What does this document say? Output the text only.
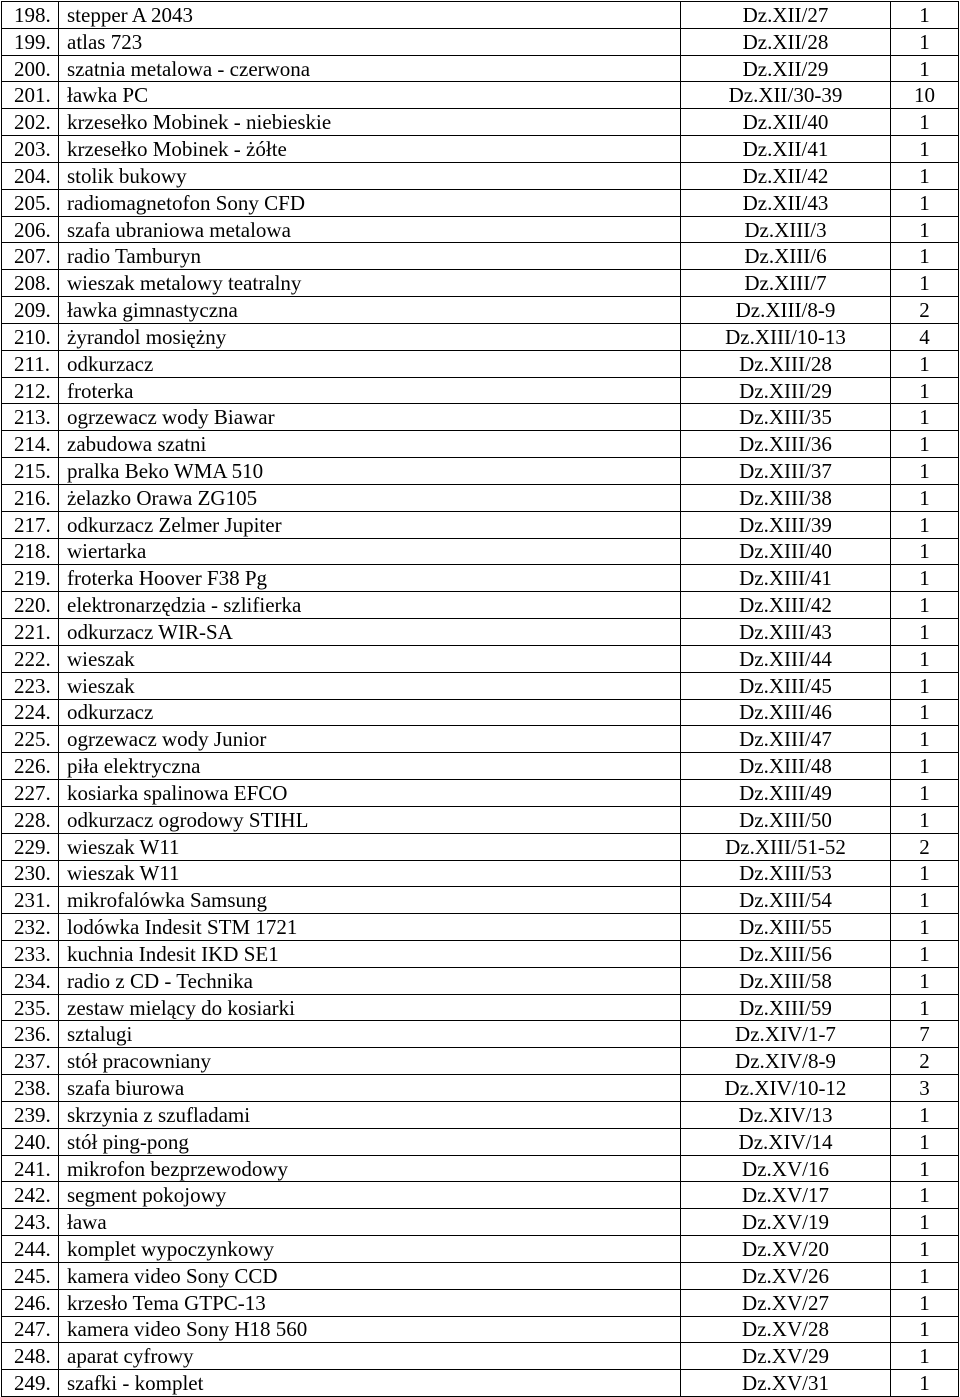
198.	stepper A 2043	Dz.XII/27	1
199.	atlas 723	Dz.XII/28	1
200.	szatnia metalowa - czerwona	Dz.XII/29	1
201.	ławka PC	Dz.XII/30-39	10
202.	krzesełko Mobinek - niebieskie	Dz.XII/40	1
203.	krzesełko Mobinek - żółte	Dz.XII/41	1
204.	stolik bukowy	Dz.XII/42	1
205.	radiomagnetofon Sony CFD	Dz.XII/43	1
206.	szafa ubraniowa metalowa	Dz.XIII/3	1
207.	radio Tamburyn	Dz.XIII/6	1
208.	wieszak metalowy teatralny	Dz.XIII/7	1
209.	ławka gimnastyczna	Dz.XIII/8-9	2
210.	żyrandol mosiężny	Dz.XIII/10-13	4
211.	odkurzacz	Dz.XIII/28	1
212.	froterka	Dz.XIII/29	1
213.	ogrzewacz wody Biawar	Dz.XIII/35	1
214.	zabudowa szatni	Dz.XIII/36	1
215.	pralka Beko WMA 510	Dz.XIII/37	1
216.	żelazko Orawa ZG105	Dz.XIII/38	1
217.	odkurzacz Zelmer Jupiter	Dz.XIII/39	1
218.	wiertarka	Dz.XIII/40	1
219.	froterka Hoover F38 Pg	Dz.XIII/41	1
220.	elektronarzędzia - szlifierka	Dz.XIII/42	1
221.	odkurzacz WIR-SA	Dz.XIII/43	1
222.	wieszak	Dz.XIII/44	1
223.	wieszak	Dz.XIII/45	1
224.	odkurzacz	Dz.XIII/46	1
225.	ogrzewacz wody Junior	Dz.XIII/47	1
226.	piła elektryczna	Dz.XIII/48	1
227.	kosiarka spalinowa EFCO	Dz.XIII/49	1
228.	odkurzacz ogrodowy STIHL	Dz.XIII/50	1
229.	wieszak W11	Dz.XIII/51-52	2
230.	wieszak W11	Dz.XIII/53	1
231.	mikrofalówka Samsung	Dz.XIII/54	1
232.	lodówka Indesit STM 1721	Dz.XIII/55	1
233.	kuchnia Indesit IKD SE1	Dz.XIII/56	1
234.	radio z CD - Technika	Dz.XIII/58	1
235.	zestaw mielący do kosiarki	Dz.XIII/59	1
236.	sztalugi	Dz.XIV/1-7	7
237.	stół pracowniany	Dz.XIV/8-9	2
238.	szafa biurowa	Dz.XIV/10-12	3
239.	skrzynia z szufladami	Dz.XIV/13	1
240.	stół ping-pong	Dz.XIV/14	1
241.	mikrofon bezprzewodowy	Dz.XV/16	1
242.	segment pokojowy	Dz.XV/17	1
243.	ława	Dz.XV/19	1
244.	komplet wypoczynkowy	Dz.XV/20	1
245.	kamera video Sony CCD	Dz.XV/26	1
246.	krzesło Tema GTPC-13	Dz.XV/27	1
247.	kamera video Sony H18 560	Dz.XV/28	1
248.	aparat cyfrowy	Dz.XV/29	1
249.	szafki - komplet	Dz.XV/31	1
